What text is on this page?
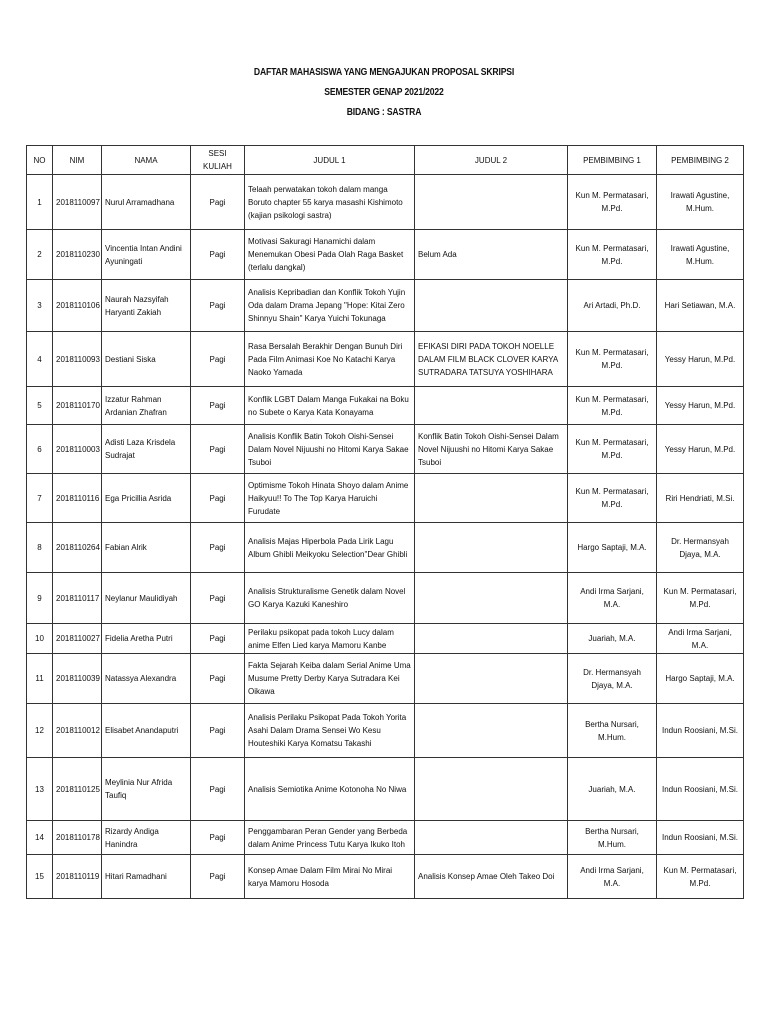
DAFTAR MAHASISWA YANG MENGAJUKAN PROPOSAL SKRIPSI
SEMESTER GENAP 2021/2022
BIDANG : SASTRA
NO	NIM	NAMA	SESI KULIAH	JUDUL 1	JUDUL 2	PEMBIMBING 1	PEMBIMBING 2
1	2018110097	Nurul Arramadhana	Pagi	Telaah perwatakan tokoh dalam manga Boruto chapter 55 karya masashi Kishimoto (kajian psikologi sastra)		Kun M. Permatasari, M.Pd.	Irawati Agustine, M.Hum.
2	2018110230	Vincentia Intan Andini Ayuningati	Pagi	Motivasi Sakuragi Hanamichi dalam Menemukan Obesi Pada Olah Raga Basket (terlalu dangkal)	Belum Ada	Kun M. Permatasari, M.Pd.	Irawati Agustine, M.Hum.
3	2018110106	Naurah Nazsyifah Haryanti Zakiah	Pagi	Analisis Kepribadian dan Konflik Tokoh Yujin Oda dalam Drama Jepang "Hope: Kitai Zero Shinnyu Shain" Karya Yuichi Tokunaga		Ari Artadi, Ph.D.	Hari Setiawan, M.A.
4	2018110093	Destiani Siska	Pagi	Rasa Bersalah Berakhir Dengan Bunuh Diri Pada Film Animasi Koe No Katachi Karya Naoko Yamada	EFIKASI DIRI PADA TOKOH NOELLE DALAM FILM BLACK CLOVER KARYA SUTRADARA TATSUYA YOSHIHARA	Kun M. Permatasari, M.Pd.	Yessy Harun, M.Pd.
5	2018110170	Izzatur Rahman Ardanian Zhafran	Pagi	Konflik LGBT Dalam Manga Fukakai na Boku no Subete o Karya Kata Konayama		Kun M. Permatasari, M.Pd.	Yessy Harun, M.Pd.
6	2018110003	Adisti Laza Krisdela Sudrajat	Pagi	Analisis Konflik Batin Tokoh Oishi-Sensei Dalam Novel Nijuushi no Hitomi Karya Sakae Tsuboi	Konflik Batin Tokoh Oishi-Sensei Dalam Novel Nijuushi no Hitomi Karya Sakae Tsuboi	Kun M. Permatasari, M.Pd.	Yessy Harun, M.Pd.
7	2018110116	Ega Pricillia Asrida	Pagi	Optimisme Tokoh Hinata Shoyo dalam Anime Haikyuu!! To The Top Karya Haruichi Furudate		Kun M. Permatasari, M.Pd.	Riri Hendriati, M.Si.
8	2018110264	Fabian Alrik	Pagi	Analisis Majas Hiperbola Pada Lirik Lagu Album Ghibli Meikyoku Selection"Dear Ghibli		Hargo Saptaji, M.A.	Dr. Hermansyah Djaya, M.A.
9	2018110117	Neylanur Maulidiyah	Pagi	Analisis Strukturalisme Genetik dalam Novel GO Karya Kazuki Kaneshiro		Andi Irma Sarjani, M.A.	Kun M. Permatasari, M.Pd.
10	2018110027	Fidelia Aretha Putri	Pagi	Perilaku psikopat pada tokoh Lucy dalam anime Elfen Lied karya Mamoru Kanbe		Juariah, M.A.	Andi Irma Sarjani, M.A.
11	2018110039	Natassya Alexandra	Pagi	Fakta Sejarah Keiba dalam Serial Anime Uma Musume Pretty Derby Karya Sutradara Kei Oikawa		Dr. Hermansyah Djaya, M.A.	Hargo Saptaji, M.A.
12	2018110012	Elisabet Anandaputri	Pagi	Analisis Perilaku Psikopat Pada Tokoh Yorita Asahi Dalam Drama Sensei Wo Kesu Houteshiki Karya Komatsu Takashi		Bertha Nursari, M.Hum.	Indun Roosiani, M.Si.
13	2018110125	Meylinia Nur Afrida Taufiq	Pagi	Analisis Semiotika Anime Kotonoha No Niwa		Juariah, M.A.	Indun Roosiani, M.Si.
14	2018110178	Rizardy Andiga Hanindra	Pagi	Penggambaran Peran Gender yang Berbeda dalam Anime Princess Tutu Karya Ikuko Itoh		Bertha Nursari, M.Hum.	Indun Roosiani, M.Si.
15	2018110119	Hitari Ramadhani	Pagi	Konsep Amae Dalam Film Mirai No Mirai karya Mamoru Hosoda	Analisis Konsep Amae Oleh Takeo Doi	Andi Irma Sarjani, M.A.	Kun M. Permatasari, M.Pd.
